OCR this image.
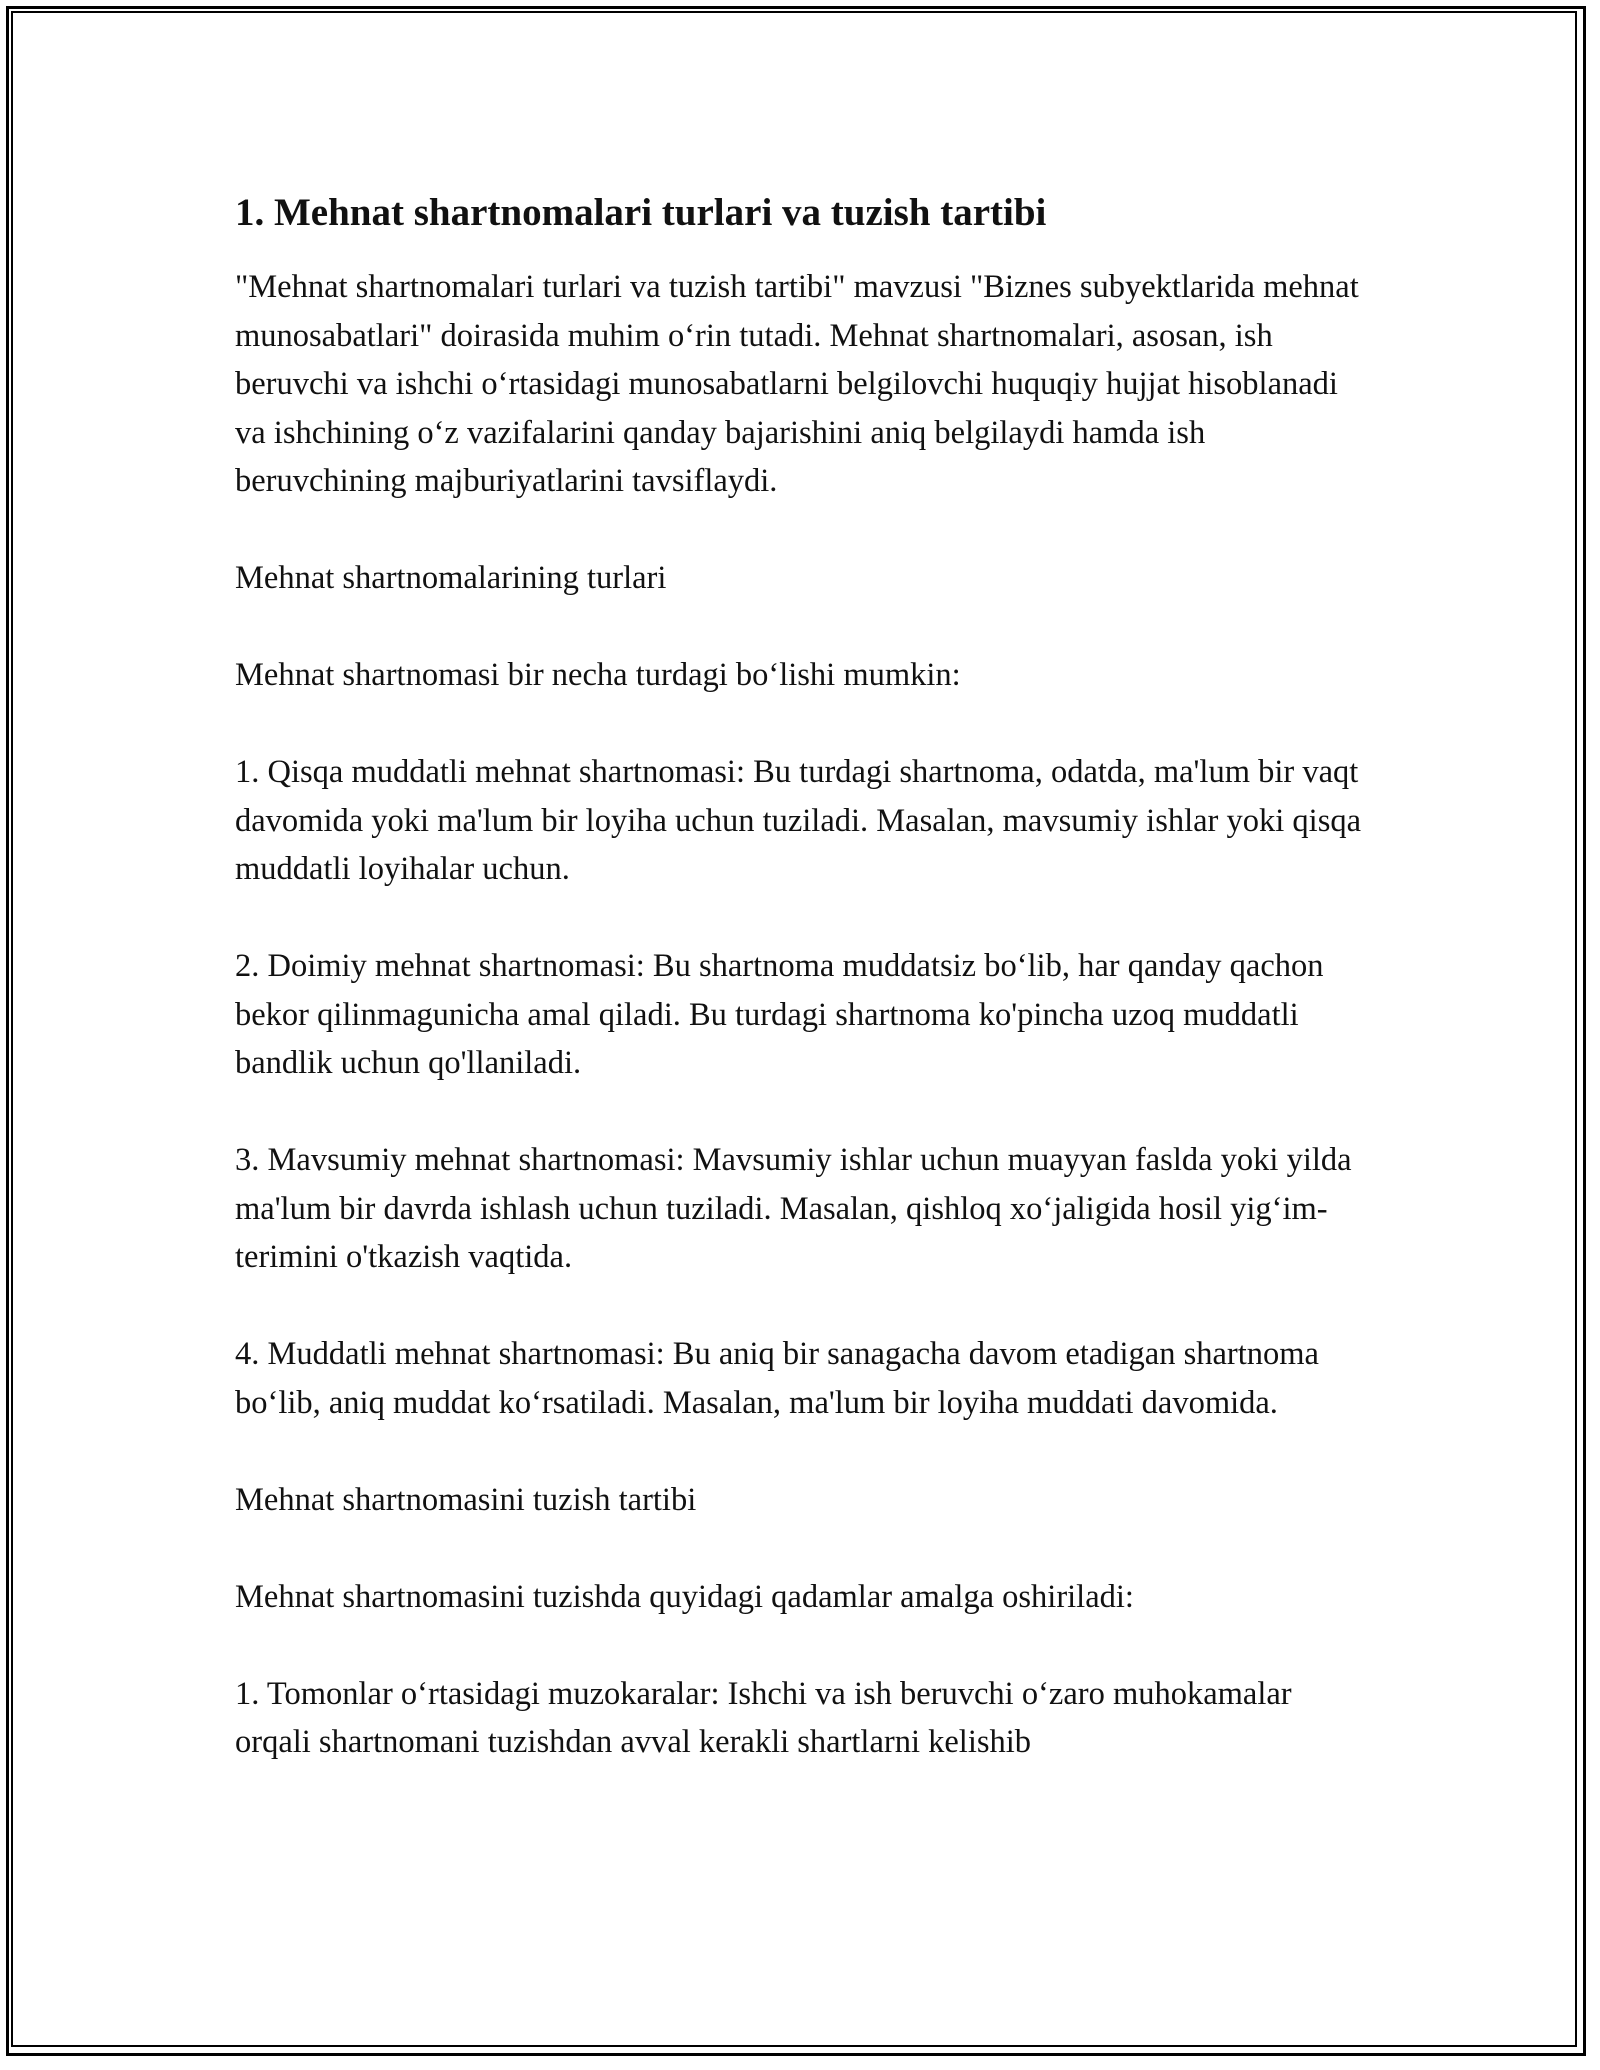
1. Mehnat shartnomalari turlari va tuzish tartibi

"Mehnat shartnomalari turlari va tuzish tartibi" mavzusi "Biznes subyektlarida mehnat munosabatlari" doirasida muhim oʻrin tutadi. Mehnat shartnomalari, asosan, ish beruvchi va ishchi oʻrtasidagi munosabatlarni belgilovchi huquqiy hujjat hisoblanadi va ishchining oʻz vazifalarini qanday bajarishini aniq belgilaydi hamda ish beruvchining majburiyatlarini tavsiflaydi.

Mehnat shartnomalarining turlari

Mehnat shartnomasi bir necha turdagi boʻlishi mumkin:

1. Qisqa muddatli mehnat shartnomasi: Bu turdagi shartnoma, odatda, ma'lum bir vaqt davomida yoki ma'lum bir loyiha uchun tuziladi. Masalan, mavsumiy ishlar yoki qisqa muddatli loyihalar uchun.

2. Doimiy mehnat shartnomasi: Bu shartnoma muddatsiz boʻlib, har qanday qachon bekor qilinmagunicha amal qiladi. Bu turdagi shartnoma ko'pincha uzoq muddatli bandlik uchun qo'llaniladi.

3. Mavsumiy mehnat shartnomasi: Mavsumiy ishlar uchun muayyan faslda yoki yilda ma'lum bir davrda ishlash uchun tuziladi. Masalan, qishloq xoʻjaligida hosil yigʻim-terimini o'tkazish vaqtida.

4. Muddatli mehnat shartnomasi: Bu aniq bir sanagacha davom etadigan shartnoma boʻlib, aniq muddat koʻrsatiladi. Masalan, ma'lum bir loyiha muddati davomida.

Mehnat shartnomasini tuzish tartibi

Mehnat shartnomasini tuzishda quyidagi qadamlar amalga oshiriladi:

1. Tomonlar oʻrtasidagi muzokaralar: Ishchi va ish beruvchi oʻzaro muhokamalar orqali shartnomani tuzishdan avval kerakli shartlarni kelishib
